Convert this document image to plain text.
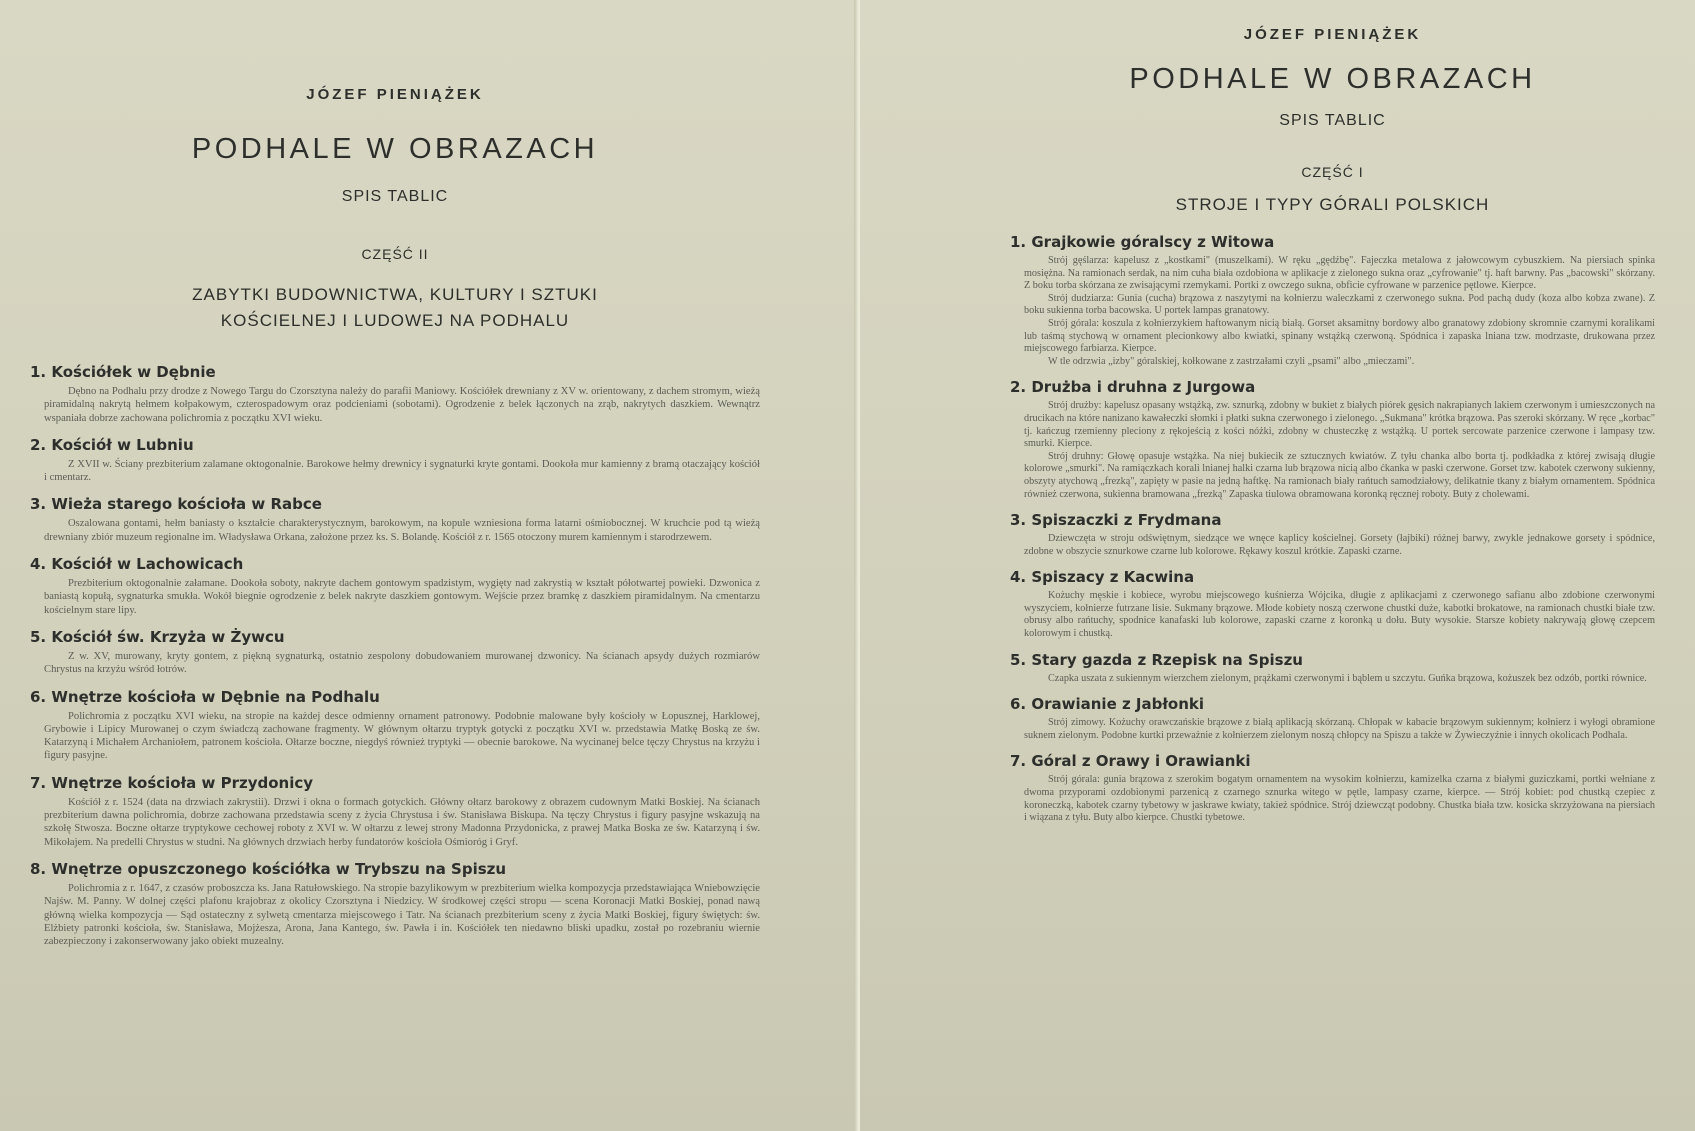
JÓZEF PIENIĄŻEK
PODHALE W OBRAZACH
SPIS TABLIC
CZĘŚĆ II
ZABYTKI BUDOWNICTWA, KULTURY I SZTUKI
KOŚCIELNEJ I LUDOWEJ NA PODHALU
1. Kościółek w Dębnie
Dębno na Podhalu przy drodze z Nowego Targu do Czorsztyna należy do parafii Maniowy. Kościółek drewniany z XV w. orientowany, z dachem stromym, wieżą piramidalną nakrytą hełmem kołpakowym, czterospadowym oraz podcieniami (sobotami). Ogrodzenie z belek łączonych na zrąb, nakrytych daszkiem. Wewnątrz wspaniała dobrze zachowana polichromia z początku XVI wieku.
2. Kościół w Lubniu
Z XVII w. Ściany prezbiterium zalamane oktogonalnie. Barokowe hełmy drewnicy i sygnaturki kryte gontami. Dookoła mur kamienny z bramą otaczający kościół i cmentarz.
3. Wieża starego kościoła w Rabce
Oszalowana gontami, hełm baniasty o kształcie charakterystycznym, barokowym, na kopule wzniesiona forma latarni ośmiobocznej. W kruchcie pod tą wieżą drewniany zbiór muzeum regionalne im. Władysława Orkana, założone przez ks. S. Bolandę. Kościół z r. 1565 otoczony murem kamiennym i starodrzewem.
4. Kościół w Lachowicach
Prezbiterium oktogonalnie załamane. Dookoła soboty, nakryte dachem gontowym spadzistym, wygięty nad zakrystią w kształt półotwartej powieki. Dzwonica z baniastą kopułą, sygnaturka smukła. Wokół biegnie ogrodzenie z belek nakryte daszkiem gontowym. Wejście przez bramkę z daszkiem piramidalnym. Na cmentarzu kościelnym stare lipy.
5. Kościół św. Krzyża w Żywcu
Z w. XV, murowany, kryty gontem, z piękną sygnaturką, ostatnio zespolony dobudowaniem murowanej dzwonicy. Na ścianach apsydy dużych rozmiarów Chrystus na krzyżu wśród łotrów.
6. Wnętrze kościoła w Dębnie na Podhalu
Polichromia z początku XVI wieku, na stropie na każdej desce odmienny ornament patronowy. Podobnie malowane były kościoły w Łopusznej, Harklowej, Grybowie i Lipicy Murowanej o czym świadczą zachowane fragmenty. W głównym ołtarzu tryptyk gotycki z początku XVI w. przedstawia Matkę Boską ze św. Katarzyną i Michałem Archaniołem, patronem kościoła. Ołtarze boczne, niegdyś również tryptyki — obecnie barokowe. Na wycinanej belce tęczy Chrystus na krzyżu i figury pasyjne.
7. Wnętrze kościoła w Przydonicy
Kościół z r. 1524 (data na drzwiach zakrystii). Drzwi i okna o formach gotyckich. Główny ołtarz barokowy z obrazem cudownym Matki Boskiej. Na ścianach prezbiterium dawna polichromia, dobrze zachowana przedstawia sceny z życia Chrystusa i św. Stanisława Biskupa. Na tęczy Chrystus i figury pasyjne wskazują na szkołę Stwosza. Boczne ołtarze tryptykowe cechowej roboty z XVI w. W ołtarzu z lewej strony Madonna Przydonicka, z prawej Matka Boska ze św. Katarzyną i św. Mikołajem. Na predelli Chrystus w studni. Na głównych drzwiach herby fundatorów kościoła Ośmioróg i Gryf.
8. Wnętrze opuszczonego kościółka w Trybszu na Spiszu
Polichromia z r. 1647, z czasów proboszcza ks. Jana Ratułowskiego. Na stropie bazylikowym w prezbiterium wielka kompozycja przedstawiająca Wniebowzięcie Najśw. M. Panny. W dolnej części plafonu krajobraz z okolicy Czorsztyna i Niedzicy. W środkowej części stropu — scena Koronacji Matki Boskiej, ponad nawą główną wielka kompozycja — Sąd ostateczny z sylwetą cmentarza miejscowego i Tatr. Na ścianach prezbiterium sceny z życia Matki Boskiej, figury świętych: św. Elżbiety patronki kościoła, św. Stanisława, Mojżesza, Arona, Jana Kantego, św. Pawła i in. Kościółek ten niedawno bliski upadku, został po rozebraniu wiernie zabezpieczony i zakonserwowany jako obiekt muzealny.
JÓZEF PIENIĄŻEK
PODHALE W OBRAZACH
SPIS TABLIC
CZĘŚĆ I
STROJE I TYPY GÓRALI POLSKICH
1. Grajkowie góralscy z Witowa

Strój gęślarza: kapelusz z „kostkami" (muszelkami). W ręku „gędźbę". Fajeczka metalowa z jałowcowym cybuszkiem. Na piersiach spinka mosiężna. Na ramionach serdak, na nim cuha biała ozdobiona w aplikacje z zielonego sukna oraz „cyfrowanie" tj. haft barwny. Pas „bacowski" skórzany. Z boku torba skórzana ze zwisającymi rzemykami. Portki z owczego sukna, obficie cyfrowane w parzenice pętlowe. Kierpce.

Strój dudziarza: Gunia (cucha) brązowa z naszytymi na kołnierzu waleczkami z czerwonego sukna. Pod pachą dudy (koza albo kobza zwane). Z boku sukienna torba bacowska. U portek lampas granatowy.

Strój górala: koszula z kołnierzykiem haftowanym nicią białą. Gorset aksamitny bordowy albo granatowy zdobiony skromnie czarnymi koralikami lub taśmą stychową w ornament plecionkowy albo kwiatki, spinany wstążką czerwoną. Spódnica i zapaska lniana tzw. modrzaste, drukowana przez miejscowego farbiarza. Kierpce.

W tle odrzwia „izby" góralskiej, kołkowane z zastrzałami czyli „psami" albo „mieczami".

2. Drużba i druhna z Jurgowa

Strój drużby: kapelusz opasany wstążką, zw. sznurką, zdobny w bukiet z białych piórek gęsich nakrapianych lakiem czerwonym i umieszczonych na drucikach na które nanizano kawałeczki słomki i płatki sukna czerwonego i zielonego. „Sukmana" krótka brązowa. Pas szeroki skórzany. W ręce „korbac" tj. kańczug rzemienny pleciony z rękojeścią z kości nóżki, zdobny w chusteczkę z wstążką. U portek sercowate parzenice czerwone i lampasy tzw. smurki. Kierpce.

Strój druhny: Głowę opasuje wstążka. Na niej bukiecik ze sztucznych kwiatów. Z tyłu chanka albo borta tj. podkładka z której zwisają długie kolorowe „smurki". Na ramiączkach korali lnianej halki czarna lub brązowa nicią albo ćkanka w paski czerwone. Gorset tzw. kabotek czerwony sukienny, obszyty atychową „frezką", zapięty w pasie na jedną haftkę. Na ramionach biały rańtuch samodziałowy, delikatnie tkany z białym ornamentem. Spódnica również czerwona, sukienna bramowana „frezką" Zapaska tiulowa obramowana koronką ręcznej roboty. Buty z cholewami.

3. Spiszaczki z Frydmana

Dziewczęta w stroju odświętnym, siedzące we wnęce kaplicy kościelnej. Gorsety (łajbiki) różnej barwy, zwykle jednakowe gorsety i spódnice, zdobne w obszycie sznurkowe czarne lub kolorowe. Rękawy koszul krótkie. Zapaski czarne.

4. Spiszacy z Kacwina

Kożuchy męskie i kobiece, wyrobu miejscowego kuśnierza Wójcika, długie z aplikacjami z czerwonego safianu albo zdobione czerwonymi wyszyciem, kołnierze futrzane lisie. Sukmany brązowe. Młode kobiety noszą czerwone chustki duże, kabotki brokatowe, na ramionach chustki białe tzw. obrusy albo rańtuchy, spodnice kanafaski lub kolorowe, zapaski czarne z koronką u dołu. Buty wysokie. Starsze kobiety nakrywają głowę czepcem kolorowym i chustką.

5. Stary gazda z Rzepisk na Spiszu

Czapka uszata z sukiennym wierzchem zielonym, prążkami czerwonymi i bąblem u szczytu. Guńka brązowa, kożuszek bez odzób, portki równice.

6. Orawianie z Jabłonki

Strój zimowy. Kożuchy orawczańskie brązowe z białą aplikacją skórzaną. Chłopak w kabacie brązowym sukiennym; kołnierz i wyłogi obramione suknem zielonym. Podobne kurtki przeważnie z kołnierzem zielonym noszą chłopcy na Spiszu a także w Żywieczyźnie i innych okolicach Podhala.

7. Góral z Orawy i Orawianki

Strój górala: gunia brązowa z szerokim bogatym ornamentem na wysokim kołnierzu, kamizelka czarna z białymi guziczkami, portki wełniane z dwoma przyporami ozdobionymi parzenicą z czarnego sznurka witego w pętle, lampasy czarne, kierpce. — Strój kobiet: pod chustką czepiec z koroneczką, kabotek czarny tybetowy w jaskrawe kwiaty, takież spódnice. Strój dziewcząt podobny. Chustka biała tzw. kosicka skrzyżowana na piersiach i wiązana z tyłu. Buty albo kierpce. Chustki tybetowe.
